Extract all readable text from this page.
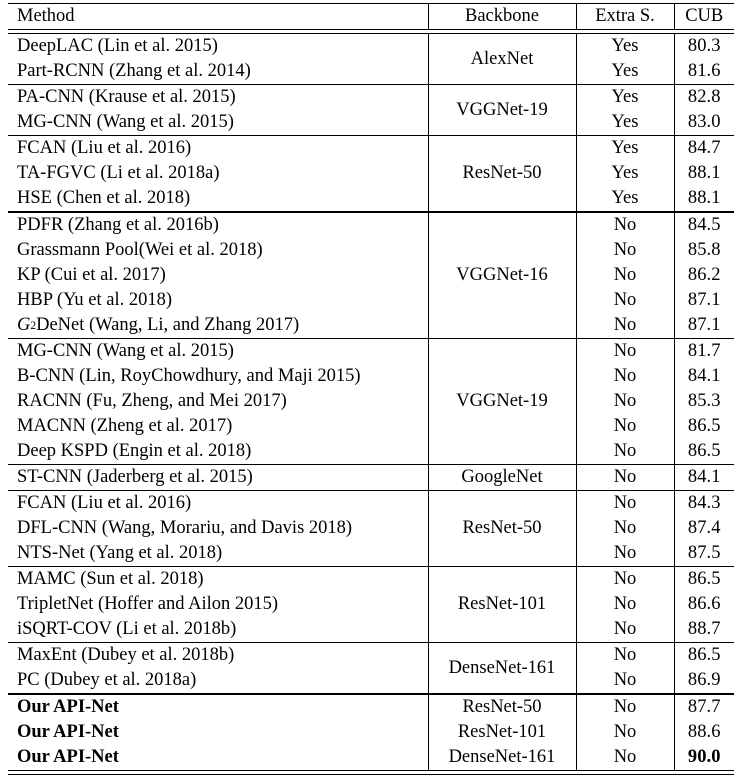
Method	Backbone	Extra S.	CUB
DeepLAC (Lin et al. 2015)	AlexNet	Yes	80.3

Part-RCNN (Zhang et al. 2014)		Yes	81.6

PA-CNN (Krause et al. 2015)	VGGNet-19	Yes	82.8

MG-CNN (Wang et al. 2015)		Yes	83.0

FCAN (Liu et al. 2016)	ResNet-50	Yes	84.7

TA-FGVC (Li et al. 2018a)		Yes	88.1

HSE (Chen et al. 2018)		Yes	88.1

PDFR (Zhang et al. 2016b)	VGGNet-16	No	84.5

Grassmann Pool(Wei et al. 2018)		No	85.8

KP (Cui et al. 2017)		No	86.2

HBP (Yu et al. 2018)		No	87.1

G 2 DeNet (Wang, Li, and Zhang 2017)		No	87.1

MG-CNN (Wang et al. 2015)	VGGNet-19	No	81.7

B-CNN (Lin, RoyChowdhury, and Maji 2015)		No	84.1

RACNN (Fu, Zheng, and Mei 2017)		No	85.3

MACNN (Zheng et al. 2017)		No	86.5

Deep KSPD (Engin et al. 2018)		No	86.5

ST-CNN (Jaderberg et al. 2015)	GoogleNet	No	84.1

FCAN (Liu et al. 2016)	ResNet-50	No	84.3

DFL-CNN (Wang, Morariu, and Davis 2018)		No	87.4

NTS-Net (Yang et al. 2018)		No	87.5

MAMC (Sun et al. 2018)	ResNet-101	No	86.5

TripletNet (Hoffer and Ailon 2015)		No	86.6

iSQRT-COV (Li et al. 2018b)		No	88.7

MaxEnt (Dubey et al. 2018b)	DenseNet-161	No	86.5

PC (Dubey et al. 2018a)		No	86.9

Our API-Net	ResNet-50	No	87.7

Our API-Net	ResNet-101	No	88.6

Our API-Net	DenseNet-161	No	90.0
